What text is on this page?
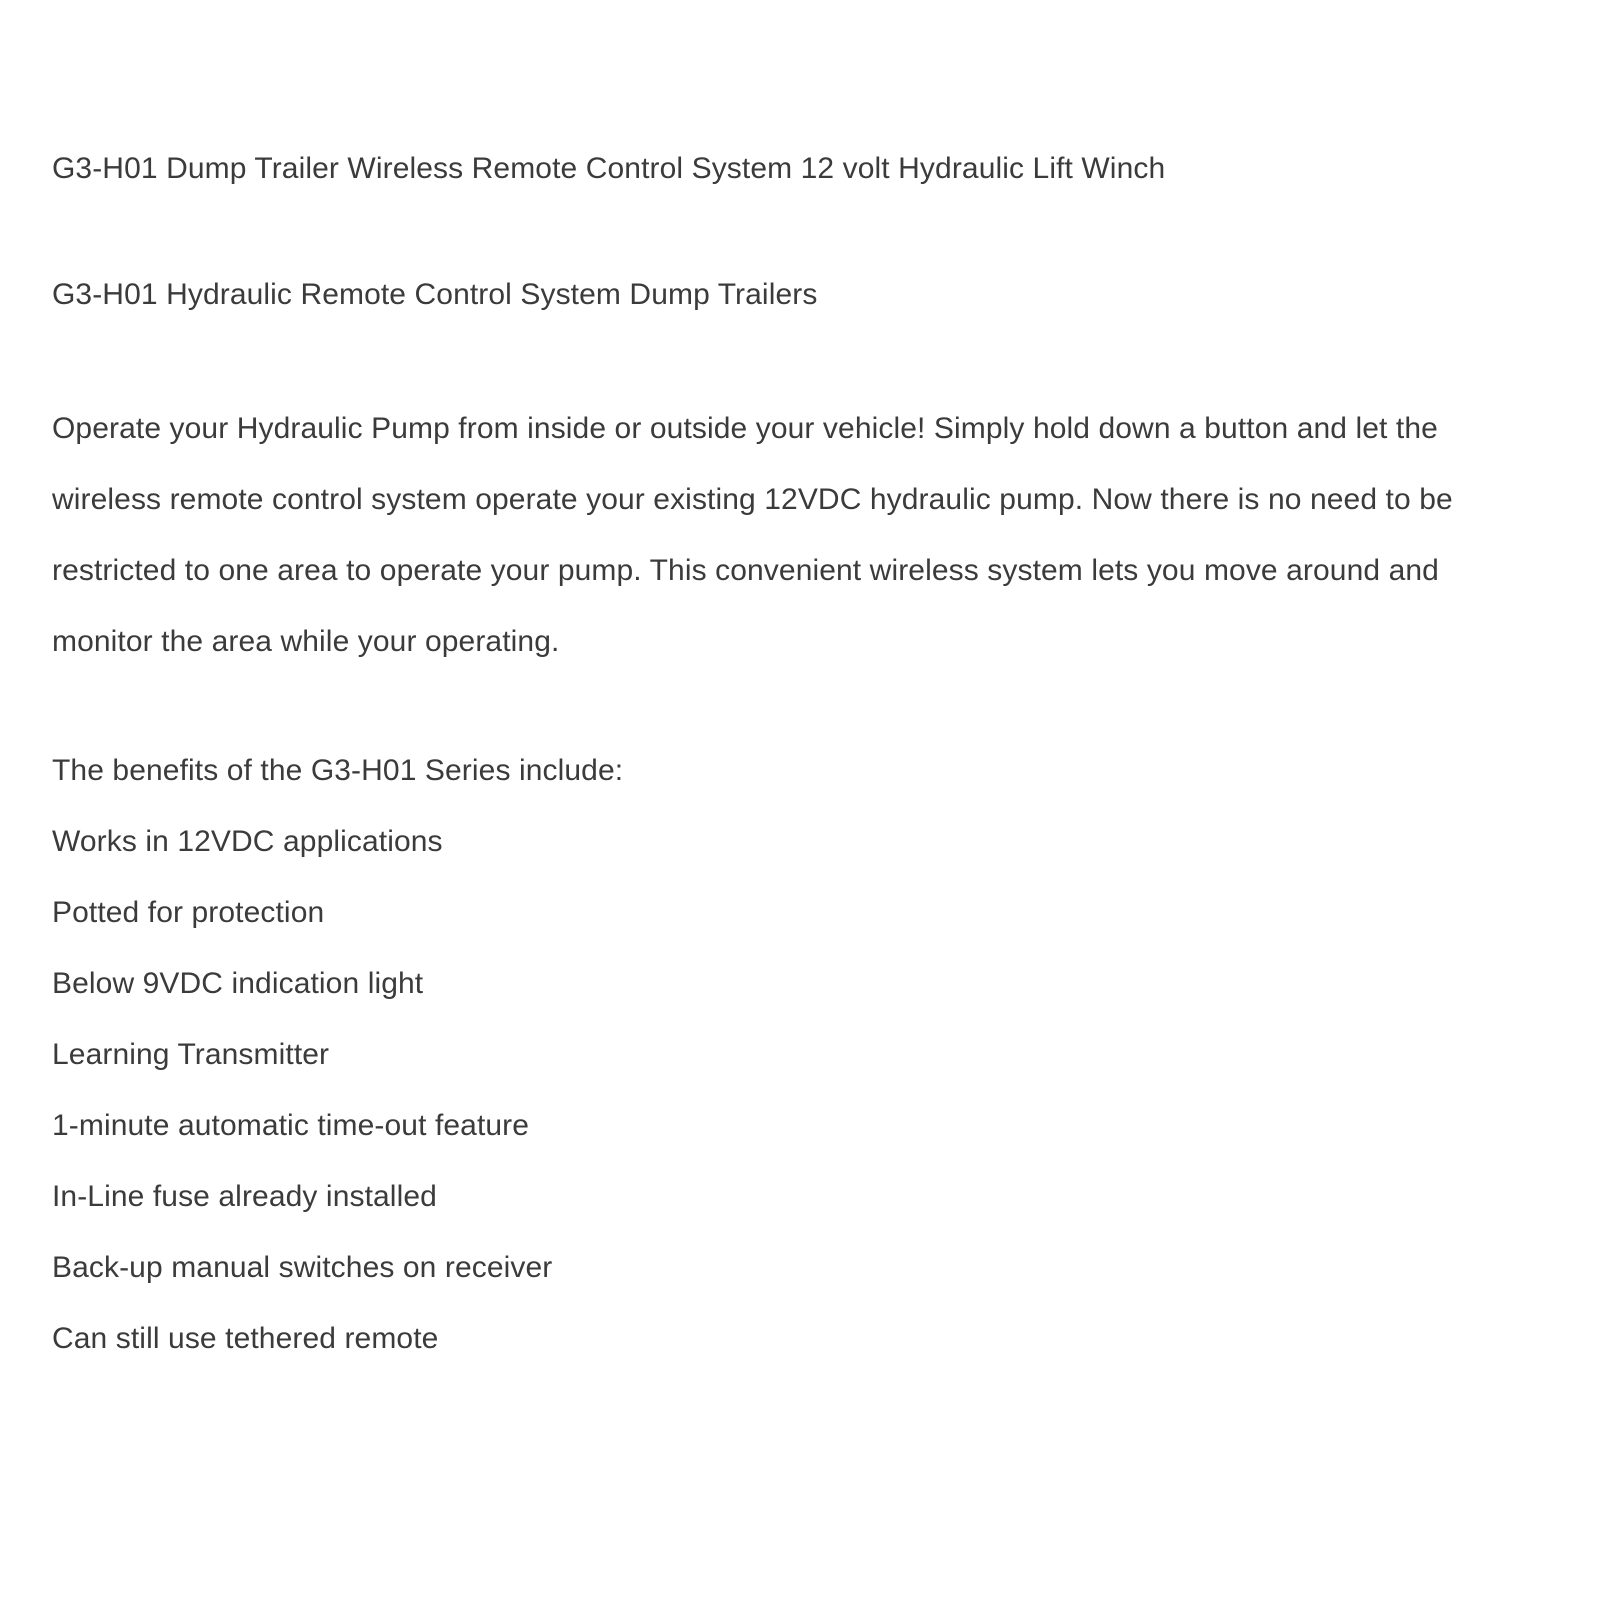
G3-H01 Dump Trailer Wireless Remote Control System 12 volt Hydraulic Lift Winch
G3-H01 Hydraulic Remote Control System Dump Trailers
Operate your Hydraulic Pump from inside or outside your vehicle! Simply hold down a button and let the wireless remote control system operate your existing 12VDC hydraulic pump. Now there is no need to be restricted to one area to operate your pump. This convenient wireless system lets you move around and monitor the area while your operating.
The benefits of the G3-H01 Series include:
Works in 12VDC applications
Potted for protection
Below 9VDC indication light
Learning Transmitter
1-minute automatic time-out feature
In-Line fuse already installed
Back-up manual switches on receiver
Can still use tethered remote
